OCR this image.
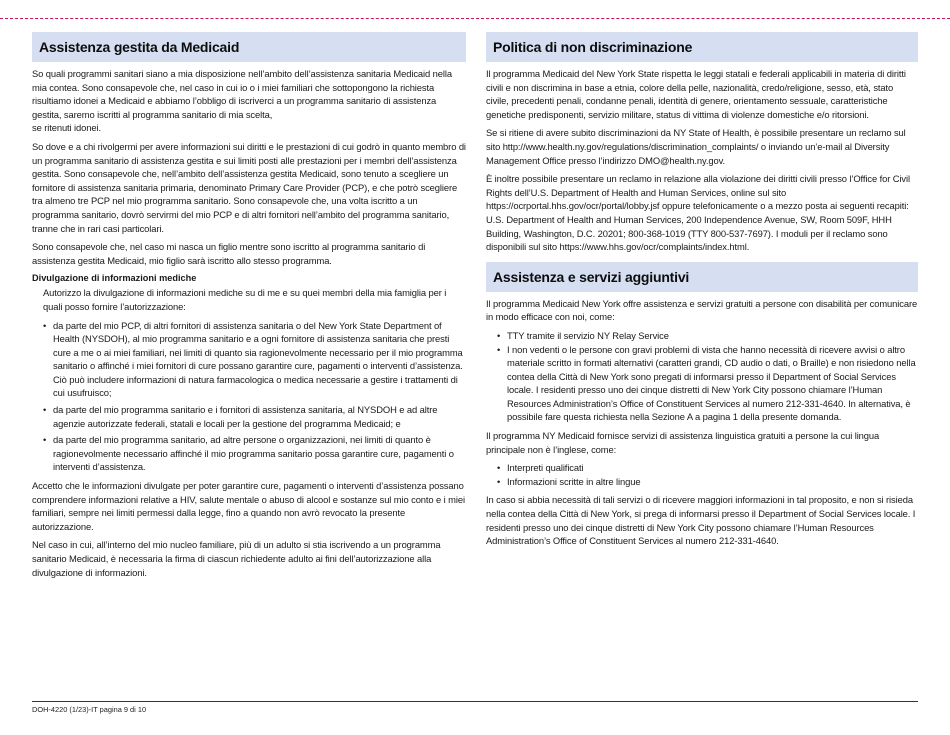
Assistenza gestita da Medicaid

So quali programmi sanitari siano a mia disposizione nell’ambito dell’assistenza sanitaria Medicaid nella mia contea. Sono consapevole che, nel caso in cui io o i miei familiari che sottopongono la richiesta risultiamo idonei a Medicaid e abbiamo l’obbligo di iscriverci a un programma sanitario di assistenza gestita, saremo iscritti al programma sanitario di mia scelta,
se ritenuti idonei.

So dove e a chi rivolgermi per avere informazioni sui diritti e le prestazioni di cui godrò in quanto membro di un programma sanitario di assistenza gestita e sui limiti posti alle prestazioni per i membri dell’assistenza gestita. Sono consapevole che, nell’ambito dell’assistenza gestita Medicaid, sono tenuto a scegliere un fornitore di assistenza sanitaria primaria, denominato Primary Care Provider (PCP), e che potrò scegliere tra almeno tre PCP nel mio programma sanitario. Sono consapevole che, una volta iscritto a un programma sanitario, dovrò servirmi del mio PCP e di altri fornitori nell’ambito del programma sanitario, tranne che in rari casi particolari.

Sono consapevole che, nel caso mi nasca un figlio mentre sono iscritto al programma sanitario di assistenza gestita Medicaid, mio figlio sarà iscritto allo stesso programma.

Divulgazione di informazioni mediche

Autorizzo la divulgazione di informazioni mediche su di me e su quei membri della mia famiglia per i quali posso fornire l’autorizzazione:

• da parte del mio PCP, di altri fornitori di assistenza sanitaria o del New York State Department of Health (NYSDOH), al mio programma sanitario e a ogni fornitore di assistenza sanitaria che presti cure a me o ai miei familiari, nei limiti di quanto sia ragionevolmente necessario per il mio programma sanitario o affinché i miei fornitori di cure possano garantire cure, pagamenti o interventi d’assistenza. Ciò può includere informazioni di natura farmacologica o medica necessarie a gestire i trattamenti di cui usufruisco;
• da parte del mio programma sanitario e i fornitori di assistenza sanitaria, al NYSDOH e ad altre agenzie autorizzate federali, statali e locali per la gestione del programma Medicaid; e
• da parte del mio programma sanitario, ad altre persone o organizzazioni, nei limiti di quanto è ragionevolmente necessario affinché il mio programma sanitario possa garantire cure, pagamenti o interventi d’assistenza.

Accetto che le informazioni divulgate per poter garantire cure, pagamenti o interventi d’assistenza possano comprendere informazioni relative a HIV, salute mentale o abuso di alcool e sostanze sul mio conto e i miei familiari, sempre nei limiti permessi dalla legge, fino a quando non avrò revocato la presente autorizzazione.

Nel caso in cui, all’interno del mio nucleo familiare, più di un adulto si stia iscrivendo a un programma sanitario Medicaid, è necessaria la firma di ciascun richiedente adulto ai fini dell’autorizzazione alla divulgazione di informazioni.

Politica di non discriminazione

Il programma Medicaid del New York State rispetta le leggi statali e federali applicabili in materia di diritti civili e non discrimina in base a etnia, colore della pelle, nazionalità, credo/religione, sesso, età, stato civile, precedenti penali, condanne penali, identità di genere, orientamento sessuale, caratteristiche genetiche predisponenti, servizio militare, status di vittima di violenze domestiche e/o ritorsioni.

Se si ritiene di avere subito discriminazioni da NY State of Health, è possibile presentare un reclamo sul sito http://www.health.ny.gov/regulations/discrimination_complaints/ o inviando un’e-mail al Diversity Management Office presso l’indirizzo DMO@health.ny.gov.

È inoltre possibile presentare un reclamo in relazione alla violazione dei diritti civili presso l’Office for Civil Rights dell’U.S. Department of Health and Human Services, online sul sito https://ocrportal.hhs.gov/ocr/portal/lobby.jsf oppure telefonicamente o a mezzo posta ai seguenti recapiti: U.S. Department of Health and Human Services, 200 Independence Avenue, SW, Room 509F, HHH Building, Washington, D.C. 20201; 800-368-1019 (TTY 800-537-7697). I moduli per il reclamo sono disponibili sul sito https://www.hhs.gov/ocr/complaints/index.html.

Assistenza e servizi aggiuntivi

Il programma Medicaid New York offre assistenza e servizi gratuiti a persone con disabilità per comunicare in modo efficace con noi, come:

• TTY tramite il servizio NY Relay Service
• I non vedenti o le persone con gravi problemi di vista che hanno necessità di ricevere avvisi o altro materiale scritto in formati alternativi (caratteri grandi, CD audio o dati, o Braille) e non risiedono nella contea della Città di New York sono pregati di informarsi presso il Department of Social Services locale. I residenti presso uno dei cinque distretti di New York City possono chiamare l’Human Resources Administration’s Office of Constituent Services al numero 212-331-4640. In alternativa, è possibile fare questa richiesta nella Sezione A a pagina 1 della presente domanda.

Il programma NY Medicaid fornisce servizi di assistenza linguistica gratuiti a persone la cui lingua principale non è l’inglese, come:

• Interpreti qualificati
• Informazioni scritte in altre lingue

In caso si abbia necessità di tali servizi o di ricevere maggiori informazioni in tal proposito, e non si risieda nella contea della Città di New York, si prega di informarsi presso il Department of Social Services locale. I residenti presso uno dei cinque distretti di New York City possono chiamare l’Human Resources Administration’s Office of Constituent Services al numero 212-331-4640.

DOH-4220 (1/23)-IT pagina 9 di 10
